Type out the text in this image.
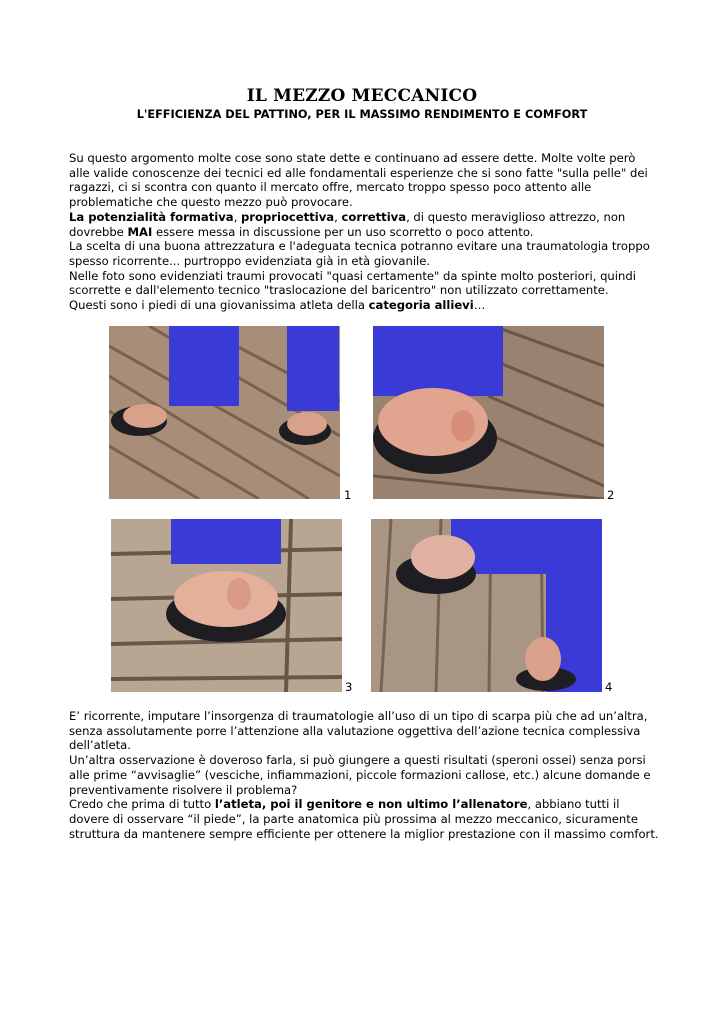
IL MEZZO MECCANICO
L'EFFICIENZA DEL PATTINO, PER IL MASSIMO RENDIMENTO E COMFORT

Su questo argomento molte cose sono state dette e continuano ad essere dette. Molte volte però alle valide conoscenze dei tecnici ed alle fondamentali esperienze che si sono fatte "sulla pelle" dei ragazzi, ci si scontra con quanto il mercato offre, mercato troppo spesso poco attento alle problematiche che questo mezzo può provocare.

La potenzialità formativa, propriocettiva, correttiva, di questo meraviglioso attrezzo, non dovrebbe MAI essere messa in discussione per un uso scorretto o poco attento.

La scelta di una buona attrezzatura e l'adeguata tecnica potranno evitare una traumatologia troppo spesso ricorrente... purtroppo evidenziata già in età giovanile.

Nelle foto sono evidenziati traumi provocati "quasi certamente" da spinte molto posteriori, quindi scorrette e dall'elemento tecnico "traslocazione del baricentro" non utilizzato correttamente.

Questi sono i piedi di una giovanissima atleta della categoria allievi…

1	2
3	4

E’ ricorrente, imputare l’insorgenza di traumatologie all’uso di un tipo di scarpa più che ad un’altra, senza assolutamente porre l’attenzione alla valutazione oggettiva dell’azione tecnica complessiva dell’atleta.

Un’altra osservazione è doveroso farla, si può giungere a questi risultati (speroni ossei) senza porsi alle prime “avvisaglie” (vesciche, infiammazioni, piccole formazioni callose, etc.) alcune domande e preventivamente risolvere il problema?

Credo che prima di tutto l’atleta, poi il genitore e non ultimo l’allenatore, abbiano tutti il dovere di osservare “il piede”, la parte anatomica più prossima al mezzo meccanico, sicuramente struttura da mantenere sempre efficiente per ottenere la miglior prestazione con il massimo comfort.
